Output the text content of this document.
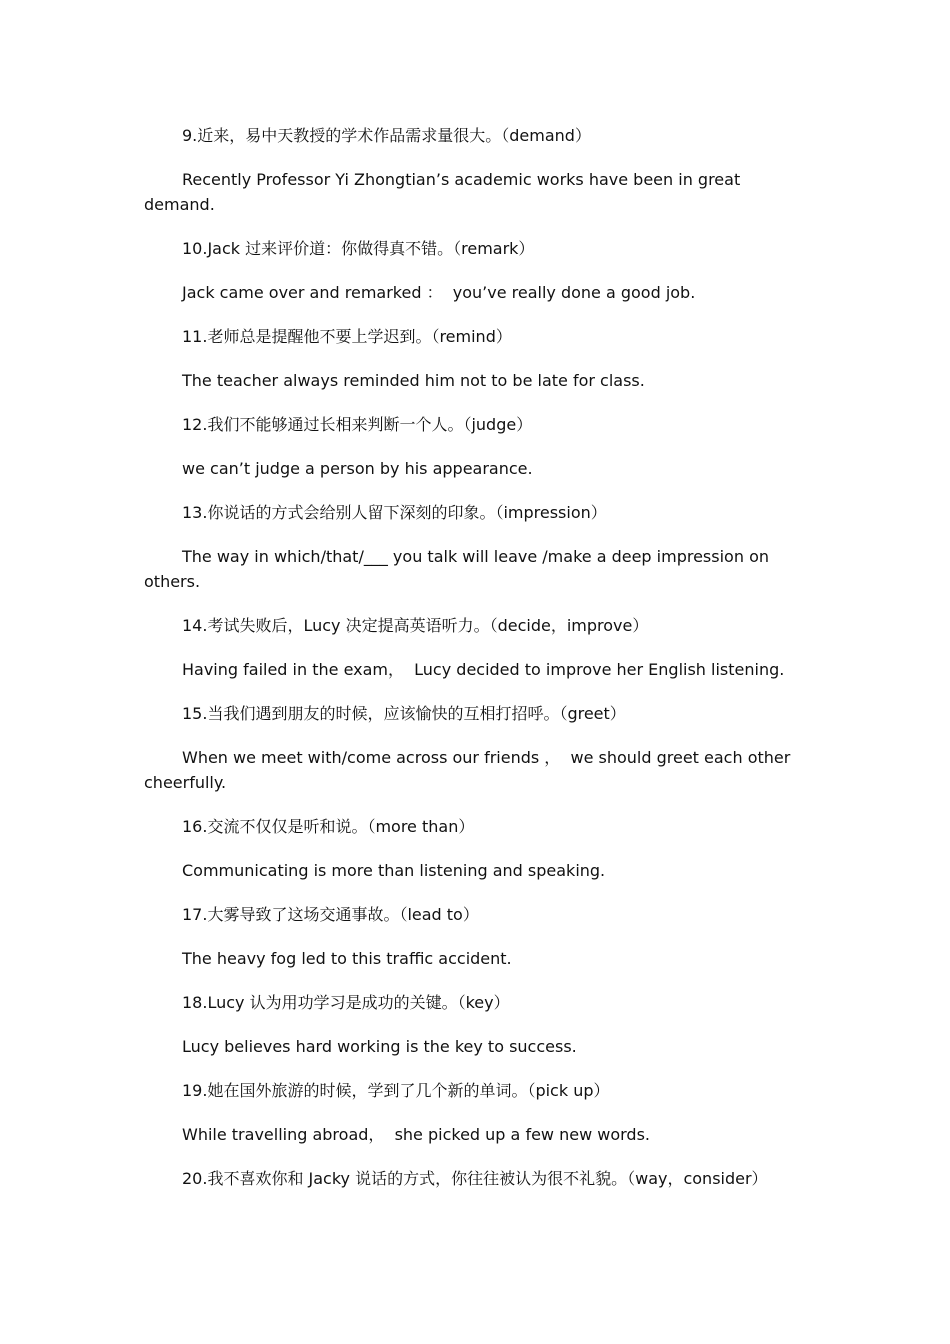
9.近来，易中天教授的学术作品需求量很大。（demand）

Recently Professor Yi Zhongtian’s academic works have been in great demand.

10.Jack 过来评价道：你做得真不错。（remark）

Jack came over and remarked ：  you’ve really done a good job.

11.老师总是提醒他不要上学迟到。（remind）

The teacher always reminded him not to be late for class.

12.我们不能够通过长相来判断一个人。（judge）

we can’t judge a person by his appearance.

13.你说话的方式会给别人留下深刻的印象。（impression）

The way in which/that/___ you talk will leave /make a deep impression on others.

14.考试失败后，Lucy 决定提高英语听力。（decide，improve）

Having failed in the exam，  Lucy decided to improve her English listening.

15.当我们遇到朋友的时候，应该愉快的互相打招呼。（greet）

When we meet with/come across our friends ，  we should greet each other cheerfully.

16.交流不仅仅是听和说。（more than）

Communicating is more than listening and speaking.

17.大雾导致了这场交通事故。（lead to）

The heavy fog led to this traffic accident.

18.Lucy 认为用功学习是成功的关键。（key）

Lucy believes hard working is the key to success.

19.她在国外旅游的时候，学到了几个新的单词。（pick up）

While travelling abroad，  she picked up a few new words.

20.我不喜欢你和 Jacky 说话的方式，你往往被认为很不礼貌。（way，consider）
